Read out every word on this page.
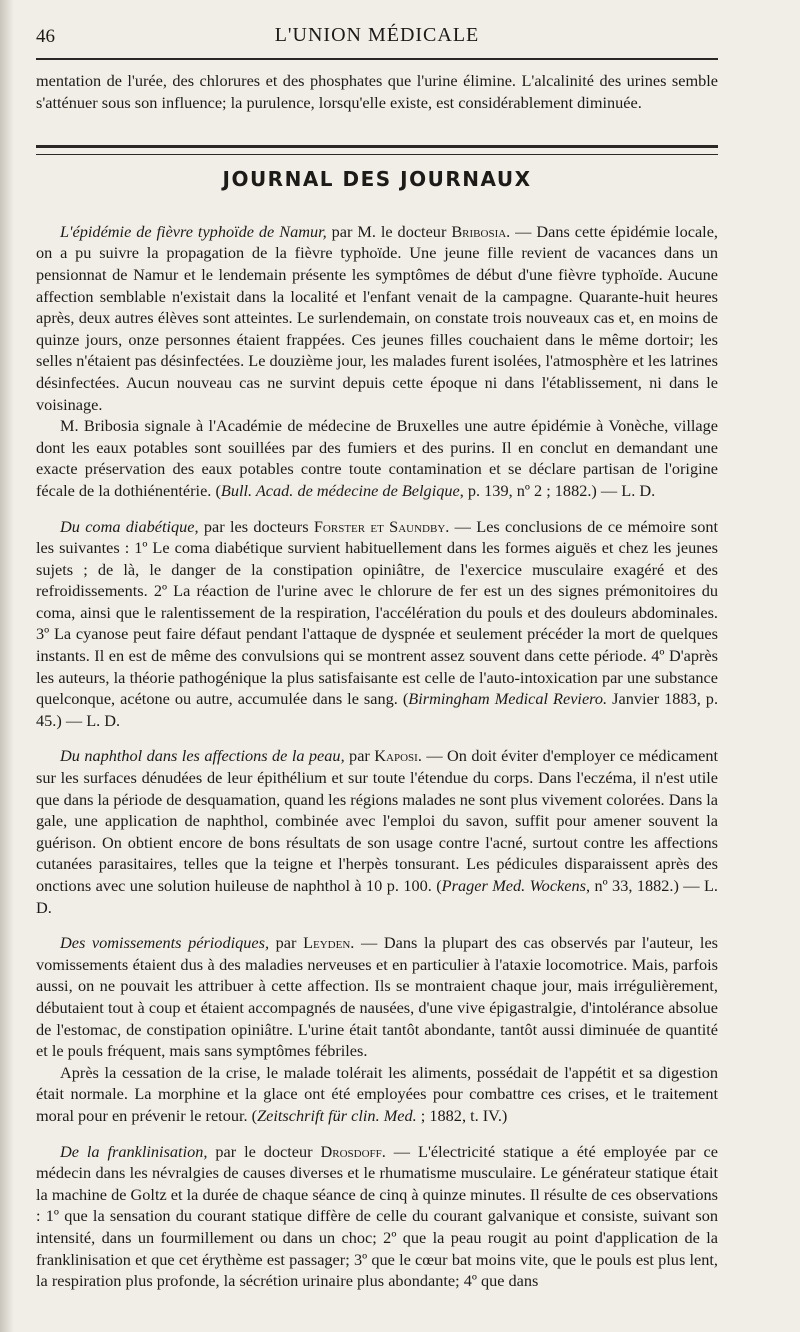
46	L'UNION MÉDICALE

mentation de l'urée, des chlorures et des phosphates que l'urine élimine. L'alcalinité des urines semble s'atténuer sous son influence; la purulence, lorsqu'elle existe, est considérablement diminuée.

JOURNAL DES JOURNAUX

L'épidémie de fièvre typhoïde de Namur, par M. le docteur Bribosia. — Dans cette épidémie locale, on a pu suivre la propagation de la fièvre typhoïde. Une jeune fille revient de vacances dans un pensionnat de Namur et le lendemain présente les symptômes de début d'une fièvre typhoïde. Aucune affection semblable n'existait dans la localité et l'enfant venait de la campagne. Quarante-huit heures après, deux autres élèves sont atteintes. Le surlendemain, on constate trois nouveaux cas et, en moins de quinze jours, onze personnes étaient frappées. Ces jeunes filles couchaient dans le même dortoir; les selles n'étaient pas désinfectées. Le douzième jour, les malades furent isolées, l'atmosphère et les latrines désinfectées. Aucun nouveau cas ne survint depuis cette époque ni dans l'établissement, ni dans le voisinage.

M. Bribosia signale à l'Académie de médecine de Bruxelles une autre épidémie à Vonèche, village dont les eaux potables sont souillées par des fumiers et des purins. Il en conclut en demandant une exacte préservation des eaux potables contre toute contamination et se déclare partisan de l'origine fécale de la dothiénentérie. (Bull. Acad. de médecine de Belgique, p. 139, nº 2 ; 1882.) — L. D.

Du coma diabétique, par les docteurs Forster et Saundby. — Les conclusions de ce mémoire sont les suivantes : 1º Le coma diabétique survient habituellement dans les formes aiguës et chez les jeunes sujets ; de là, le danger de la constipation opiniâtre, de l'exercice musculaire exagéré et des refroidissements. 2º La réaction de l'urine avec le chlorure de fer est un des signes prémonitoires du coma, ainsi que le ralentissement de la respiration, l'accélération du pouls et des douleurs abdominales. 3º La cyanose peut faire défaut pendant l'attaque de dyspnée et seulement précéder la mort de quelques instants. Il en est de même des convulsions qui se montrent assez souvent dans cette période. 4º D'après les auteurs, la théorie pathogénique la plus satisfaisante est celle de l'auto-intoxication par une substance quelconque, acétone ou autre, accumulée dans le sang. (Birmingham Medical Reviero. Janvier 1883, p. 45.) — L. D.

Du naphthol dans les affections de la peau, par Kaposi. — On doit éviter d'employer ce médicament sur les surfaces dénudées de leur épithélium et sur toute l'étendue du corps. Dans l'eczéma, il n'est utile que dans la période de desquamation, quand les régions malades ne sont plus vivement colorées. Dans la gale, une application de naphthol, combinée avec l'emploi du savon, suffit pour amener souvent la guérison. On obtient encore de bons résultats de son usage contre l'acné, surtout contre les affections cutanées parasitaires, telles que la teigne et l'herpès tonsurant. Les pédicules disparaissent après des onctions avec une solution huileuse de naphthol à 10 p. 100. (Prager Med. Wockens, nº 33, 1882.) — L. D.

Des vomissements périodiques, par Leyden. — Dans la plupart des cas observés par l'auteur, les vomissements étaient dus à des maladies nerveuses et en particulier à l'ataxie locomotrice. Mais, parfois aussi, on ne pouvait les attribuer à cette affection. Ils se montraient chaque jour, mais irrégulièrement, débutaient tout à coup et étaient accompagnés de nausées, d'une vive épigastralgie, d'intolérance absolue de l'estomac, de constipation opiniâtre. L'urine était tantôt abondante, tantôt aussi diminuée de quantité et le pouls fréquent, mais sans symptômes fébriles.

Après la cessation de la crise, le malade tolérait les aliments, possédait de l'appétit et sa digestion était normale. La morphine et la glace ont été employées pour combattre ces crises, et le traitement moral pour en prévenir le retour. (Zeitschrift für clin. Med. ; 1882, t. IV.)

De la franklinisation, par le docteur Drosdoff. — L'électricité statique a été employée par ce médecin dans les névralgies de causes diverses et le rhumatisme musculaire. Le générateur statique était la machine de Goltz et la durée de chaque séance de cinq à quinze minutes. Il résulte de ces observations : 1º que la sensation du courant statique diffère de celle du courant galvanique et consiste, suivant son intensité, dans un fourmillement ou dans un choc; 2º que la peau rougit au point d'application de la franklinisation et que cet érythème est passager; 3º que le cœur bat moins vite, que le pouls est plus lent, la respiration plus profonde, la sécrétion urinaire plus abondante; 4º que dans
